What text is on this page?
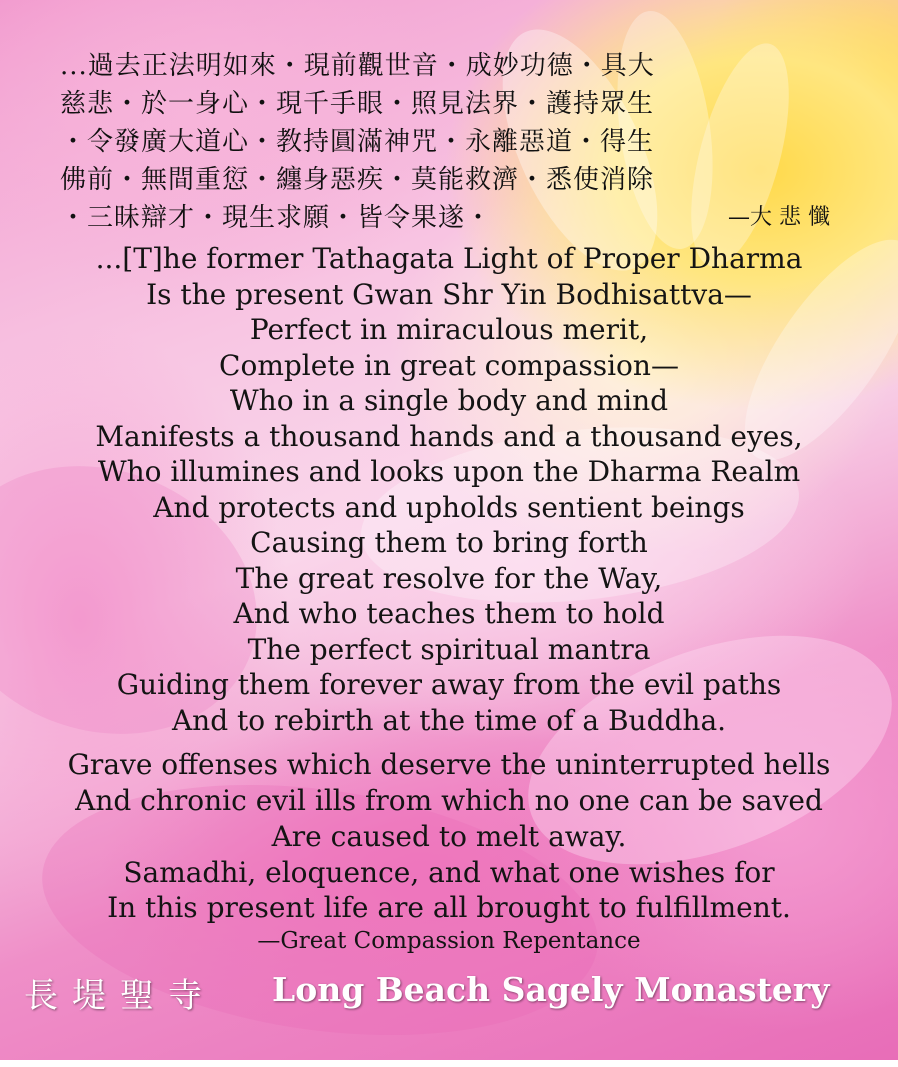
...過去正法明如來・現前觀世音・成妙功德・具大
慈悲・於一身心・現千手眼・照見法界・護持眾生
・令發廣大道心・教持圓滿神咒・永離惡道・得生
佛前・無間重愆・纏身惡疾・莫能救濟・悉使消除
・三昧辯才・現生求願・皆令果遂・	—大 悲 懺
...[T]he former Tathagata Light of Proper Dharma
Is the present Gwan Shr Yin Bodhisattva—
Perfect in miraculous merit,
Complete in great compassion—
Who in a single body and mind
Manifests a thousand hands and a thousand eyes,
Who illumines and looks upon the Dharma Realm
And protects and upholds sentient beings
Causing them to bring forth
The great resolve for the Way,
And who teaches them to hold
The perfect spiritual mantra
Guiding them forever away from the evil paths
And to rebirth at the time of a Buddha.
Grave offenses which deserve the uninterrupted hells
And chronic evil ills from which no one can be saved
Are caused to melt away.
Samadhi, eloquence, and what one wishes for
In this present life are all brought to fulfillment.
—Great Compassion Repentance
長堤聖寺 Long Beach Sagely Monastery
